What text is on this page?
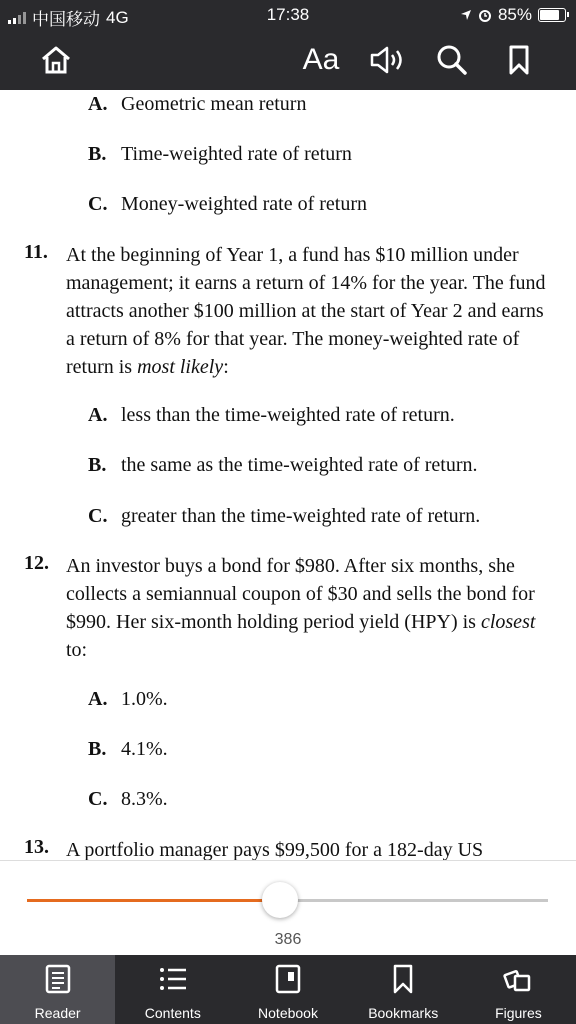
中国移动 4G	17:38	85%
Aa
A. Geometric mean return
B. Time-weighted rate of return
C. Money-weighted rate of return
11. At the beginning of Year 1, a fund has $10 million under management; it earns a return of 14% for the year. The fund attracts another $100 million at the start of Year 2 and earns a return of 8% for that year. The money-weighted rate of return is most likely:
A. less than the time-weighted rate of return.
B. the same as the time-weighted rate of return.
C. greater than the time-weighted rate of return.
12. An investor buys a bond for $980. After six months, she collects a semiannual coupon of $30 and sells the bond for $990. Her six-month holding period yield (HPY) is closest to:
A. 1.0%.
B. 4.1%.
C. 8.3%.
13. A portfolio manager pays $99,500 for a 182-day US
386
Reader	Contents	Notebook	Bookmarks	Figures
